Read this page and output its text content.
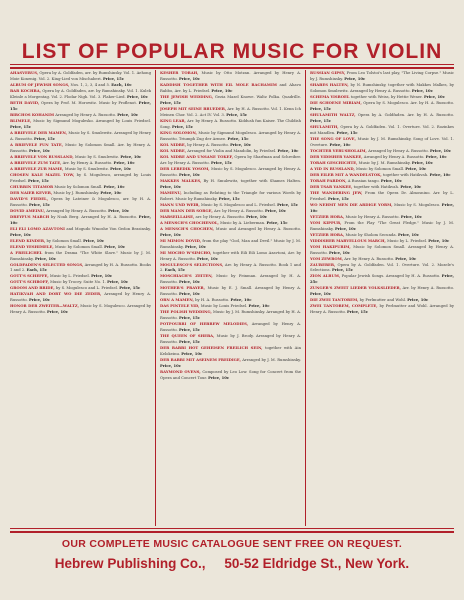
LIST OF POPULAR MUSIC FOR VIOLIN

AHASVERUS, Opera by A. Goldfaden, arr. by Rumshinsky. Vol. 1. Aehong Moie Konenig. Vol. 2. King-Lied von Mischaberi. Price, 15c

ALBUM OF JEWISH SONGS, Nos. 1, 2, 3, 4 and 5. Each, 10c

BAR KOCHBA, Opera by A. Goldfaden, arr. by Rumshinsky. Vol. 1. Kulek Kleinle a Morgentag. Vol. 2. Flodar Nigh. Vol. 3. Flaker-Lied. Price, 10c

BETH DAVID, Opera by Prof. M. Horowitz. Music by Proflenot. Price, 15c

BIRCHOS KOHANIM Arranged by Henry A. Russotto. Price, 10c

BLIMELE, Music by Sigmund Mogulesko. Arranged by Louis Friedsel. Price, 15c

A BRIEVELE DER MAMEN, Music by S. Smulewitz. Arranged by Henry A. Russotto. Price, 15c

A BRIEVELE FUN TATE, Music by Solomon Small. Arr. by Henry A. Russotto. Price, 10c

A BRIEVELE VON RUSSLAND, Music by S. Smulewitz. Price, 10c

A BRIEVELE ZUM TATE, Arr. by Henry A. Russotto. Price, 10c

A BRIEVELE ZUR MAME, Music by S. Smulewitz. Price, 10c

CHOSEN KALE MAZEL TOW, by S. Mogulesco, arranged by Louis Friedsel. Price, 15c

CHURBIN TITAMOR Music by Solomon Small. Price, 10c

DER NAIER KEVER, Music by J. Rumshinsky. Price, 10c

DAVID'S FIEDEL, Opera by Lateiner & Mogulesco, arr. by H. A. Russotto. Price, 15c

DOVID AMEINU, Arranged by Henry A. Russotto. Price, 10c

DREYFUS MARCH by Noah Berg. Arranged by H. A. Russotto. Price, 10c

ELI ELI LOMO AZAVTONI and Mogudo Wmoshe Von Gedon Brasinsky. Price, 10c

ELEND KINDER, by Solomon Small. Price, 10c

ELEND YESHIMELE, Music by Solomon Small. Price, 10c

A FREILICHEL from the Drama "The White Slave." Music by J. M. Rumshinsky. Price, 10c

GOLDFADEN'S SELECTED SONGS, Arranged by H. A. Russotto. Books 1 and 2. Each, 15c

GOTT'S SCHEFFE, Music by L. Friedsel. Price, 10c

GOTT'S SCHROFF, Music by Trocey. Suite No. 1. Price, 10c

GROOM AND BRIDE, by S. Mogulesco and L. Friedsel. Price, 15c

HATIKVAH AND DORT WO DIE ZEDER, Arranged by Henry A. Russotto. Price, 10c

HONOR DER ZWEITER—WALTZ, Music by S. Mogulesco. Arranged by Henry A. Russotto. Price, 10c

KESHER TORAH, Music by Otto Motzan. Arranged by Henry A. Russotto. Price, 10c

KADDISH TOGETHER WITH EIL MOLE RACHAMIM and Ahavo Rabbo, Arr. by L. Friedsel. Price, 10c

THE JEWISH WEDDING, Gezia Mazel Knowe. Waltz Polka. Quadrille. Price, 15c

JOSEPH MIT SEINE BRUEDER, Arr. by H. A. Russotto. Vol. 1. Kenn Ich Meinen Chor. Vol. 2. Act IV. Vol. 3. Price, 15c

KING LEAR, Arr. by Henry A. Russotto. Kiddush fun Kaiser. The Childish Song. Price, 15c

KING SOLOMON, Music by Sigmund Mogulesco. Arranged by Henry A. Russotto. Triumph Zug der Armee. Price, 15c

KOL NIDRE, by Henry A. Russotto. Price, 10c

KOL NIDRE, Arranged for Violin and Mandolin, by Friedsel. Price, 10c

KOL NIDRE AND UNSANE TOKEF, Opera by Sharfman and Schreiber. Arr. by Henry A. Russotto. Price, 15c

DER LEBEDIK YOSOM, Music by S. Mogulesco. Arranged by Henry A. Russotto. Price, 10c

MAKKES MALKES, By H. Smulewitz, together with Shames Halten. Price, 10c

MAMENU, Including as Relating to the Triangle for various Words by Robert. Music by Rumshinsky. Price, 15c

MANN UND WEIB, Music by S. Mogulesco and L. Friedsel. Price, 15c

DER MANN DER SORGE, Arr. by Henry A. Russotto. Price, 10c

MARSEILLAISE, arr. by Henry A. Russotto. Price, 10c

A MENSCH'S CHOCHENOL, Music by A. Lieberman. Price, 15c

A MENSCH'S CHOCHEN, Music and Arranged by Henry A. Russotto. Price, 10c

MI MIMON DOVID, from the play "God, Man and Devil." Music by J. M. Rumshinsky. Price, 10c

MI MOCHO W'SIMCHO, together with Eili Eili Lomo Azavtoni, Arr. by Henry A. Russotto. Price, 10c

MOGULESCO'S SELECTIONS, Arr. by Henry A. Russotto. Book 1 and 2. Each, 15c

MOSCHIACH'S ZEITEN, Music by Feinman. Arranged by H. A. Russotto. Price, 10c

MOTHER'S PRAYER, Music by E. J. Small. Arranged by Henry A. Russotto. Price, 10c

ORN A MAMEN, by H. A. Russotto. Price, 10c

DAS PINTELE YID, Music by Louis Friedsel. Price, 10c

THE POLISH WEDDING, Music by J. M. Rumshinsky. Arranged by H. A. Russotto. Price, 15c

POTPOURRI OF HEBREW MELODIES, Arranged by Henry A. Russotto. Price, 15c

THE QUEEN OF SHEBA, Music by J. Brody. Arranged by Henry A. Russotto. Price, 15c

DER RABBI HOT GEHEISEN FREILICH SEIN, together with Ain Kelokeinu. Price, 10c

DER RABBI MIT ASEINEM FREIDIGE, Arranged by J. M. Rumshinsky. Price, 10c

RAYMOND OVENS, Composed by Leo Low. Song for Concert from the Opera and Concert Tour. Price, 10c

RUSSIAN GIPSY, From Leo Tolstoi's last play, "The Living Corpse." Music by J. Rumshinsky. Price, 10c

SHABES HALTEN, by N. Rumshinsky, together with Makkes Malkes, by Solomon Smulewitz. Arranged by Henry A. Russotto. Price, 10c

SCHEMA YISROEL together with Weiss, by Hettie Wener. Price, 10c

DIE SCHOENE MIRIAM, Opera by S. Mogulesco. Arr. by H. A. Russotto. Price, 15c

SHULAMITH WALTZ, Opera by A. Goldfaden. Arr. by H. A. Russotto. Price, 15c

SHULAMITH, Opera by A. Goldfaden. Vol. 1. Overture. Vol. 2. Rozinkes mit Mandlen. Price, 15c

THE SONG OF LOVE, Music by J. M. Rumshinsky, Song of Love. Vol. 1. Overture. Price, 10c

TOCHTER YERUSHOLAIM, Arranged by Henry A. Russotto. Price, 10c

DER YIDISHER YANKEE, Arranged by Henry A. Russotto. Price, 10c

TORAH GESCHICHTE, Music by J. M. Rumshinsky. Price, 10c

A YID IN RUSSLAND, Music by Solomon Small. Price, 10c

DER EILER MIT A WANDELSTOK, together with Hatikvah. Price, 10c

TORAH PARDON, A Russian tango. Price, 10c

DER TSAR YANKEE, together with Hatikvah. Price, 10c

THE WANDERING JEW, From the Opera Dr. Almosnino. Arr. by L. Friedsel. Price, 15c

WO NEHMT MEN DIE ARDIGE YORM, Music by S. Mogulesco. Price, 10c

YETZIER HORA, Music by Henry A. Russotto. Price, 10c

YOM KIPPUR, From the Play "The Great Pledge." Music by J. M. Rumshinsky. Price, 10c

YETZIER HORA, Music by Sholom Secunda. Price, 10c

YIDDISHER MARVELLOUS MARCH, Music by L. Friedsel. Price, 10c

YOM HAKIPURIM, Music by Solomon Small. Arranged by Henry A. Russotto. Price, 10c

YOM ZEWROM, Arr. by Henry A. Russotto. Price, 10c

ZAUBERER, Opera by A. Goldfaden. Vol. 1. Overture. Vol. 2. Mozele's Selections. Price, 15c

ZION ALBUM, Popular Jewish Songs. Arranged by H. A. Russotto. Price, 25c

ZUNGER'S ZWEIT LIEDER VOLKSLIEDER, Arr. by Henry A. Russotto. Price, 10c

DIE ZWEI TANTOREM, by Perlmutter and Wohl. Price, 10c

ZWEI TANTOREM, COMPLETE, by Perlmutter and Wohl. Arranged by Henry A. Russotto. Price, 15c

OUR COMPLETE MUSIC CATALOGUE SENT FREE ON REQUEST.
Hebrew Publishing Co., 50-52 Eldridge St., New York.
